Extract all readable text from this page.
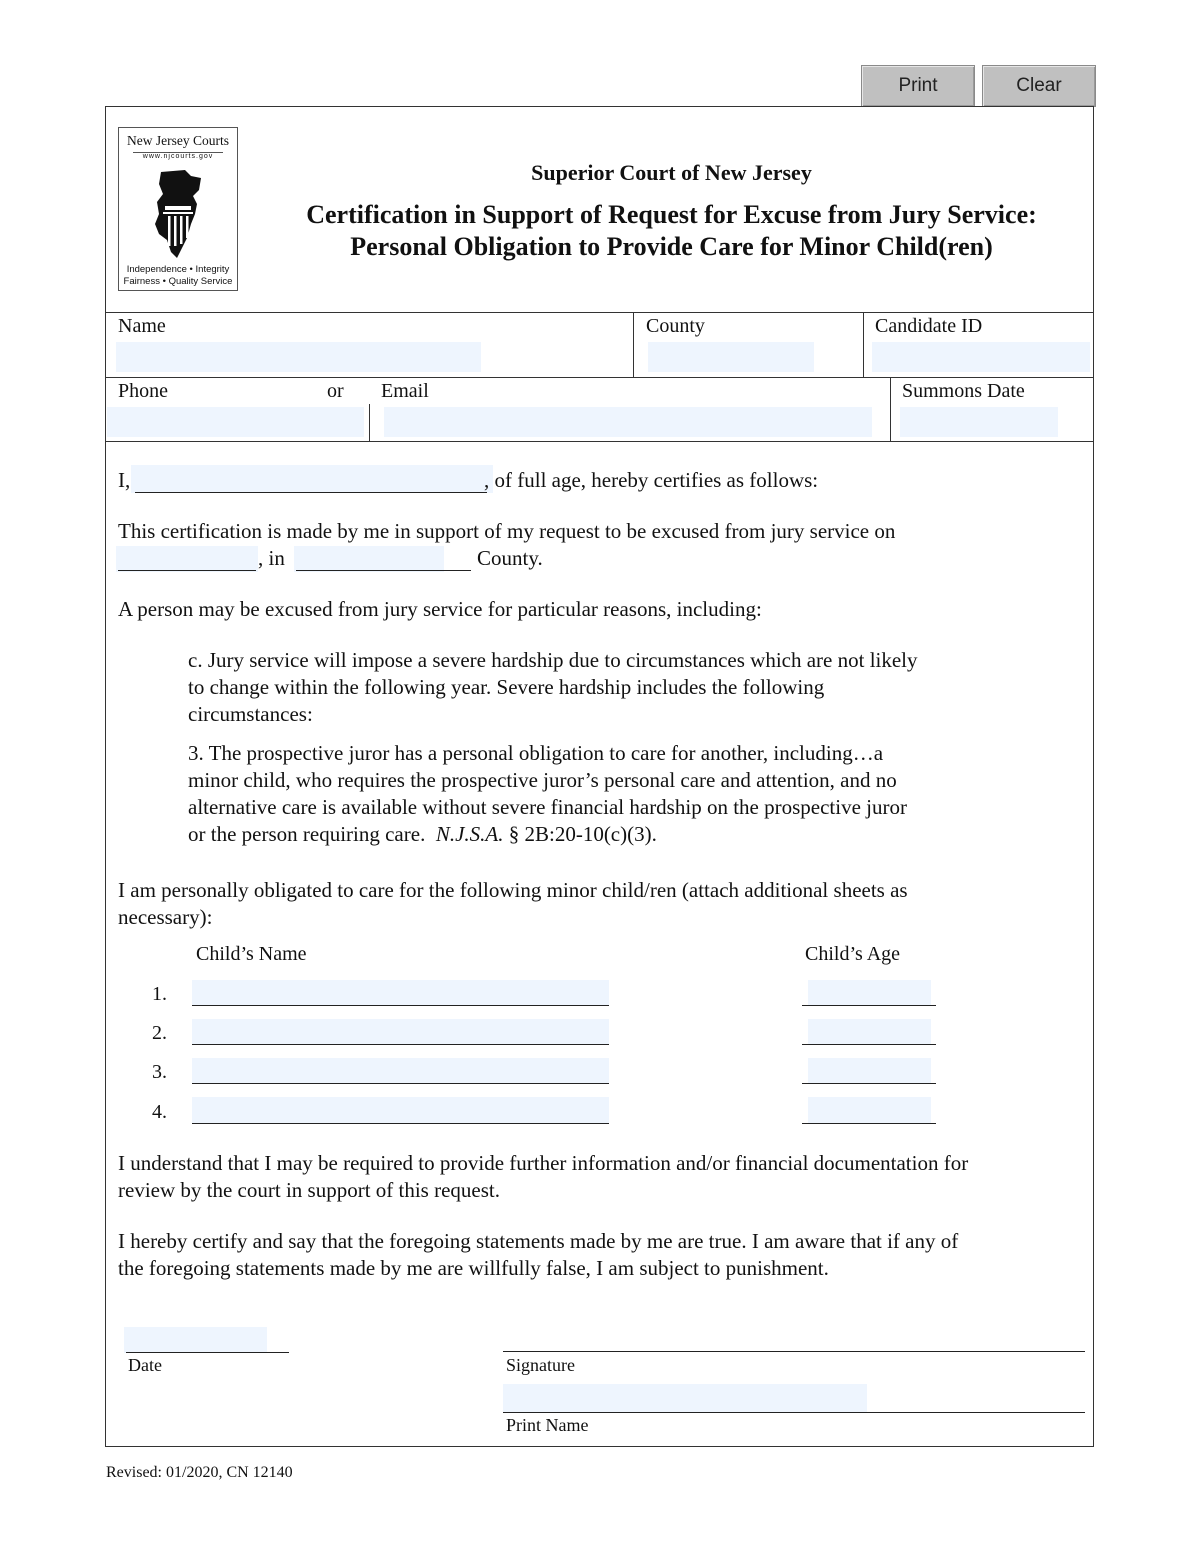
Print	Clear
New Jersey Courts
www.njcourts.gov
Independence • Integrity
Fairness • Quality Service
Superior Court of New Jersey
Certification in Support of Request for Excuse from Jury Service:
Personal Obligation to Provide Care for Minor Child(ren)
Name	County	Candidate ID
Phone	or Email	Summons Date
I,	, of full age, hereby certifies as follows:
This certification is made by me in support of my request to be excused from jury service on
, in	County.
A person may be excused from jury service for particular reasons, including:
c. Jury service will impose a severe hardship due to circumstances which are not likely
to change within the following year. Severe hardship includes the following
circumstances:
3. The prospective juror has a personal obligation to care for another, including…a
minor child, who requires the prospective juror’s personal care and attention, and no
alternative care is available without severe financial hardship on the prospective juror
or the person requiring care. N.J.S.A. § 2B:20-10(c)(3).
I am personally obligated to care for the following minor child/ren (attach additional sheets as
necessary):
Child’s Name	Child’s Age
1.
2.
3.
4.
I understand that I may be required to provide further information and/or financial documentation for
review by the court in support of this request.
I hereby certify and say that the foregoing statements made by me are true. I am aware that if any of
the foregoing statements made by me are willfully false, I am subject to punishment.
Date	Signature
Print Name
Revised: 01/2020, CN 12140
